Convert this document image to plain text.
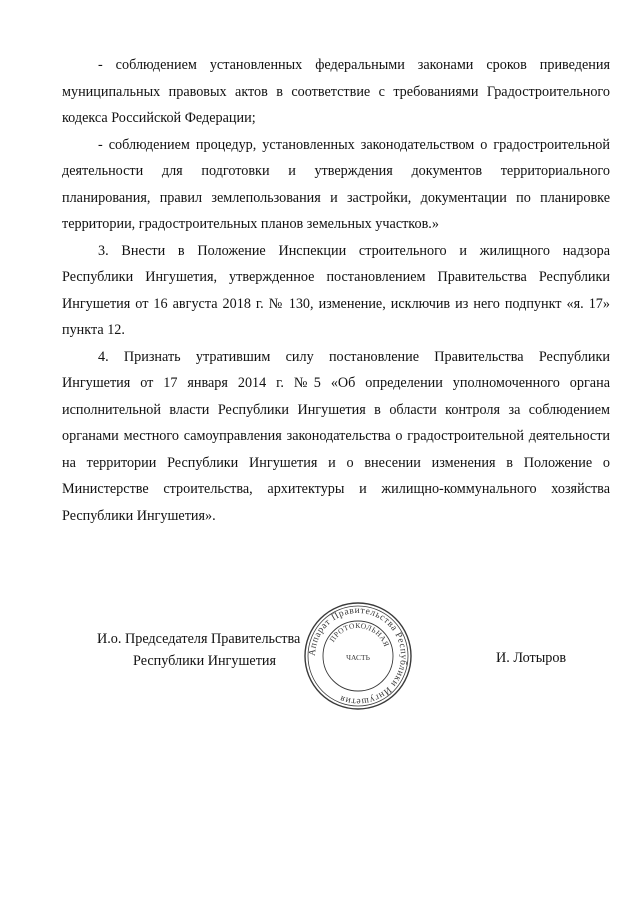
- соблюдением установленных федеральными законами сроков приведения муниципальных правовых актов в соответствие с требованиями Градостроительного кодекса Российской Федерации;

- соблюдением процедур, установленных законодательством о градостроительной деятельности для подготовки и утверждения документов территориального планирования, правил землепользования и застройки, документации по планировке территории, градостроительных планов земельных участков.»

3. Внести в Положение Инспекции строительного и жилищного надзора Республики Ингушетия, утвержденное постановлением Правительства Республики Ингушетия от 16 августа 2018 г. № 130, изменение, исключив из него подпункт «я. 17» пункта 12.

4. Признать утратившим силу постановление Правительства Республики Ингушетия от 17 января 2014 г. №5 «Об определении уполномоченного органа исполнительной власти Республики Ингушетия в области контроля за соблюдением органами местного самоуправления законодательства о градостроительной деятельности на территории Республики Ингушетия и о внесении изменения в Положение о Министерстве строительства, архитектуры и жилищно-коммунального хозяйства Республики Ингушетия».

И.о. Председателя Правительства
Республики Ингушетия
Аппарат Правительства Республики Ингушетия
ПРОТОКОЛЬНАЯ
ЧАСТЬ	И. Лотыров
